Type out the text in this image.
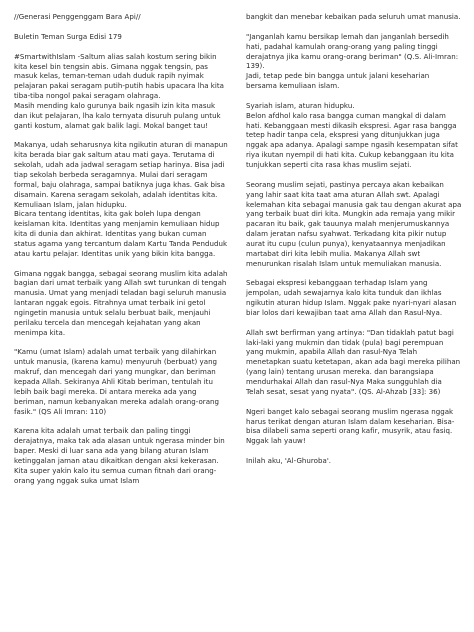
//Generasi Penggenggam Bara Api//

Buletin Teman Surga Edisi 179

#SmartwithIslam -Saltum alias salah kostum sering bikin kita kesel bin tengsin abis. Gimana nggak tengsin, pas masuk kelas, teman-teman udah duduk rapih nyimak pelajaran pakai seragam putih-putih habis upacara lha kita tiba-tiba nongol pakai seragam olahraga.
Masih mending kalo gurunya baik ngasih izin kita masuk dan ikut pelajaran, lha kalo ternyata disuruh pulang untuk ganti kostum, alamat gak balik lagi. Mokal banget tau!

Makanya, udah seharusnya kita ngikutin aturan di manapun kita berada biar gak saltum atau mati gaya. Terutama di sekolah, udah ada jadwal seragam setiap harinya. Bisa jadi tiap sekolah berbeda seragamnya. Mulai dari seragam formal, baju olahraga, sampai batiknya juga khas. Gak bisa disamain. Karena seragam sekolah, adalah identitas kita.
Kemuliaan Islam, jalan hidupku.
Bicara tentang identitas, kita gak boleh lupa dengan keislaman kita. Identitas yang menjamin kemuliaan hidup kita di dunia dan akhirat. Identitas yang bukan cuman status agama yang tercantum dalam Kartu Tanda Penduduk atau kartu pelajar. Identitas unik yang bikin kita bangga.

Gimana nggak bangga, sebagai seorang muslim kita adalah bagian dari umat terbaik yang Allah swt turunkan di tengah manusia. Umat yang menjadi teladan bagi seluruh manusia lantaran nggak egois. Fitrahnya umat terbaik ini getol ngingetin manusia untuk selalu berbuat baik, menjauhi perilaku tercela dan mencegah kejahatan yang akan menimpa kita.

"Kamu (umat Islam) adalah umat terbaik yang dilahirkan untuk manusia, (karena kamu) menyuruh (berbuat) yang makruf, dan mencegah dari yang mungkar, dan beriman kepada Allah. Sekiranya Ahli Kitab beriman, tentulah itu lebih baik bagi mereka. Di antara mereka ada yang beriman, namun kebanyakan mereka adalah orang-orang fasik." (QS Ali Imran: 110)

Karena kita adalah umat terbaik dan paling tinggi derajatnya, maka tak ada alasan untuk ngerasa minder bin baper. Meski di luar sana ada yang bilang aturan Islam ketinggalan jaman atau dikaitkan dengan aksi kekerasan. Kita super yakin kalo itu semua cuman fitnah dari orang-orang yang nggak suka umat Islam

bangkit dan menebar kebaikan pada seluruh umat manusia.

"Janganlah kamu bersikap lemah dan janganlah bersedih hati, padahal kamulah orang-orang yang paling tinggi derajatnya jika kamu orang-orang beriman" (Q.S. Ali-Imran: 139).
Jadi, tetap pede bin bangga untuk jalani keseharian bersama kemuliaan islam.

Syariah islam, aturan hidupku.
Belon afdhol kalo rasa bangga cuman mangkal di dalam hati. Kebanggaan mesti dikasih ekspresi. Agar rasa bangga tetep hadir tanpa cela, ekspresi yang ditunjukkan juga nggak apa adanya. Apalagi sampe ngasih kesempatan sifat riya ikutan nyempil di hati kita. Cukup kebanggaan itu kita tunjukkan seperti cita rasa khas muslim sejati.

Seorang muslim sejati, pastinya percaya akan kebaikan yang lahir saat kita taat ama aturan Allah swt. Apalagi kelemahan kita sebagai manusia gak tau dengan akurat apa yang terbaik buat diri kita. Mungkin ada remaja yang mikir pacaran itu baik, gak tauunya malah menjerumuskannya dalam jeratan nafsu syahwat. Terkadang kita pikir nutup aurat itu cupu (culun punya), kenyataannya menjadikan martabat diri kita lebih mulia. Makanya Allah swt menurunkan risalah Islam untuk memuliakan manusia.

Sebagai ekspresi kebanggaan terhadap Islam yang jempolan, udah sewajarnya kalo kita tunduk dan ikhlas ngikutin aturan hidup Islam. Nggak pake nyari-nyari alasan biar lolos dari kewajiban taat ama Allah dan Rasul-Nya.

Allah swt berfirman yang artinya: "Dan tidaklah patut bagi laki-laki yang mukmin dan tidak (pula) bagi perempuan yang mukmin, apabila Allah dan rasul-Nya Telah menetapkan suatu ketetapan, akan ada bagi mereka pilihan (yang lain) tentang urusan mereka. dan barangsiapa mendurhakai Allah dan rasul-Nya Maka sungguhlah dia Telah sesat, sesat yang nyata". (QS. Al-Ahzab [33]: 36)

Ngeri banget kalo sebagai seorang muslim ngerasa nggak harus terikat dengan aturan Islam dalam keseharian. Bisa-bisa dilabeli sama seperti orang kafir, musyrik, atau fasiq. Nggak lah yauw!

Inilah aku, 'Al-Ghuroba'.
